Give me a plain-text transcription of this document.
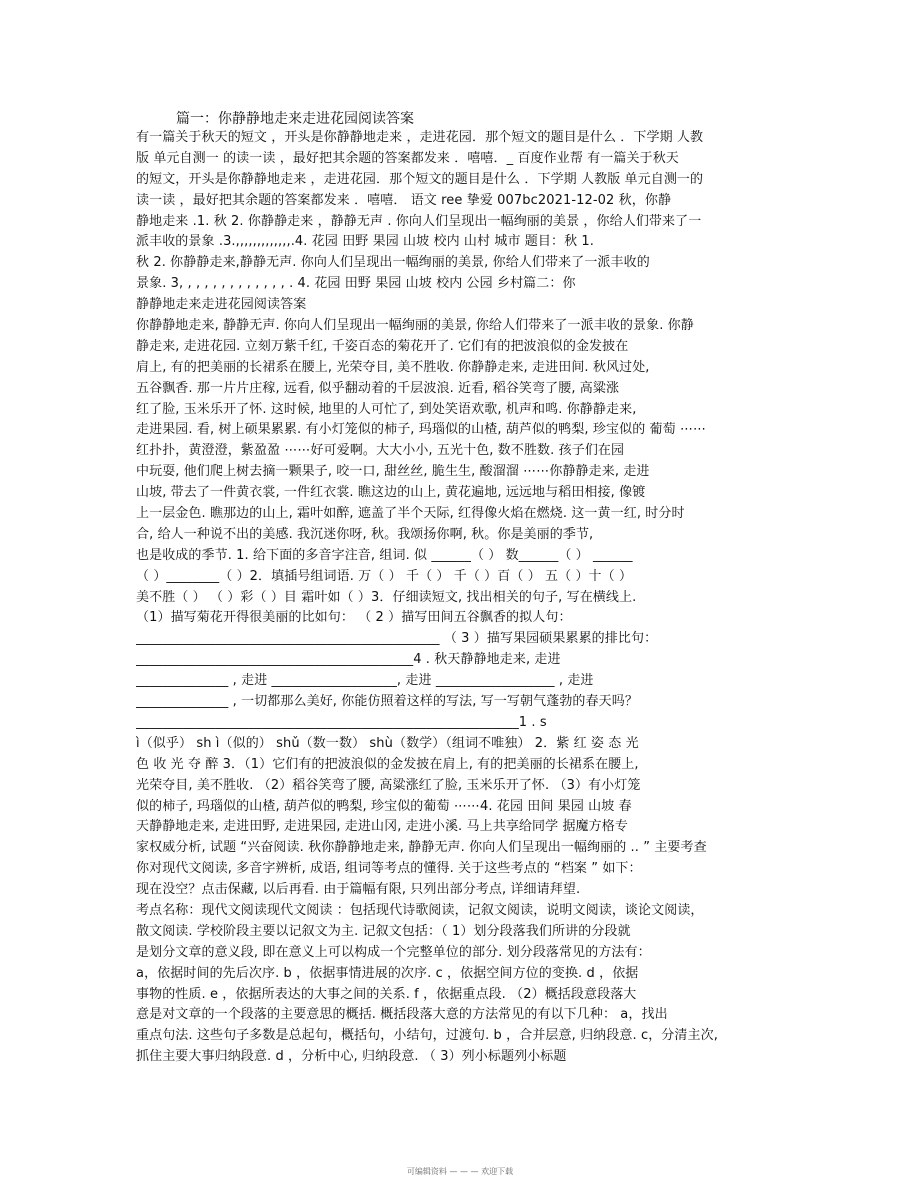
篇一：你静静地走来走进花园阅读答案
有一篇关于秋天的短文 ，开头是你静静地走来 ，走进花园．那个短文的题目是什么 ．下学期 人教
版 单元自测一 的读一读 ，最好把其余题的答案都发来 ．嘻嘻．_ 百度作业帮 有一篇关于秋天
的短文，开头是你静静地走来 ，走进花园．那个短文的题目是什么 ．下学期 人教版 单元自测一的
读一读 ，最好把其余题的答案都发来 ．嘻嘻． 语文 ree 挚爱 007bc2021-12-02 秋，你静
静地走来 .1. 秋 2. 你静静走来 ，静静无声 . 你向人们呈现出一幅绚丽的美景 ，你给人们带来了一
派丰收的景象 .3.,,,,,,,,,,,,,.4. 花园 田野 果园 山坡 校内 山村 城市 题目：秋 1.
秋 2. 你静静走来,静静无声. 你向人们呈现出一幅绚丽的美景, 你给人们带来了一派丰收的
景象. 3, , , , , , , , , , , , , . 4. 花园 田野 果园 山坡 校内 公园 乡村篇二：你
静静地走来走进花园阅读答案
你静静地走来, 静静无声. 你向人们呈现出一幅绚丽的美景, 你给人们带来了一派丰收的景象. 你静
静走来, 走进花园. 立刻万紫千红, 千姿百态的菊花开了. 它们有的把波浪似的金发披在
肩上, 有的把美丽的长裙系在腰上, 光荣夺目, 美不胜收. 你静静走来, 走进田间. 秋风过处,
五谷飘香. 那一片片庄稼, 远看, 似乎翻动着的千层波浪. 近看, 稻谷笑弯了腰, 高粱涨
红了脸, 玉米乐开了怀. 这时候, 地里的人可忙了, 到处笑语欢歌, 机声和鸣. 你静静走来,
走进果园. 看, 树上硕果累累. 有小灯笼似的柿子, 玛瑙似的山楂, 葫芦似的鸭梨, 珍宝似的 葡萄 ⋯⋯
红扑扑，黄澄澄，紫盈盈 ⋯⋯好可爱啊。大大小小, 五光十色, 数不胜数. 孩子们在园
中玩耍, 他们爬上树去摘一颗果子, 咬一口, 甜丝丝, 脆生生, 酸溜溜 ⋯⋯你静静走来, 走进
山坡, 带去了一件黄衣裳, 一件红衣裳. 瞧这边的山上, 黄花遍地, 远远地与稻田相接, 像镀
上一层金色. 瞧那边的山上, 霜叶如醉, 遮盖了半个天际, 红得像火焰在燃烧. 这一黄一红, 时分时
合, 给人一种说不出的美感. 我沉迷你呀, 秋。我颂扬你啊, 秋。你是美丽的季节,
也是收成的季节. 1. 给下面的多音字注音, 组词. 似 ______（ ） 数______（ ） ______
（ ）________（ ）2．填插号组词语. 万（ ） 千（ ） 千（ ）百（ ） 五（ ）十（ ）
美不胜（ ） （ ）彩（ ）目 霜叶如（ ）3．仔细读短文, 找出相关的句子, 写在横线上.
（1）描写菊花开得很美丽的比如句： （ 2 ）描写田间五谷飘香的拟人句：
______________________________________________ （ 3 ）描写果园硕果累累的排比句：
__________________________________________4 . 秋天静静地走来, 走进
______________ , 走进 ___________________, 走进 __________________ , 走进
______________ , 一切都那么美好, 你能仿照着这样的写法, 写一写朝气蓬勃的春天吗？
__________________________________________________________1 . s
ì（似乎） sh ì（似的） shǔ（数一数） shù（数学）（组词不唯独） 2．紫 红 姿 态 光
色 收 光 夺 醉 3．（1）它们有的把波浪似的金发披在肩上, 有的把美丽的长裙系在腰上,
光荣夺目, 美不胜收. （2）稻谷笑弯了腰, 高粱涨红了脸, 玉米乐开了怀. （3）有小灯笼
似的柿子, 玛瑙似的山楂, 葫芦似的鸭梨, 珍宝似的葡萄 ⋯⋯4. 花园 田间 果园 山坡 春
天静静地走来, 走进田野, 走进果园, 走进山冈, 走进小溪. 马上共享给同学 据魔方格专
家权威分析, 试题 “兴奋阅读. 秋你静静地走来, 静静无声. 你向人们呈现出一幅绚丽的 .. ” 主要考查
你对现代文阅读, 多音字辨析, 成语, 组词等考点的懂得. 关于这些考点的 “档案 ” 如下：
现在没空？点击保藏, 以后再看. 由于篇幅有限, 只列出部分考点, 详细请拜望.
考点名称：现代文阅读现代文阅读 ：包括现代诗歌阅读，记叙文阅读，说明文阅读，谈论文阅读，
散文阅读. 学校阶段主要以记叙文为主. 记叙文包括：（ 1）划分段落我们所讲的分段就
是划分文章的意义段, 即在意义上可以构成一个完整单位的部分. 划分段落常见的方法有：
a，依据时间的先后次序. b ，依据事情进展的次序. c ，依据空间方位的变换. d ，依据
事物的性质. e ，依据所表达的大事之间的关系. f ，依据重点段. （2）概括段意段落大
意是对文章的一个段落的主要意思的概括. 概括段落大意的方法常见的有以下几种： a，找出
重点句法. 这些句子多数是总起句，概括句，小结句，过渡句. b ，合并层意, 归纳段意. c，分清主次,
抓住主要大事归纳段意. d ，分析中心, 归纳段意. （ 3）列小标题列小标题
可编辑资料 — — — 欢迎下载
